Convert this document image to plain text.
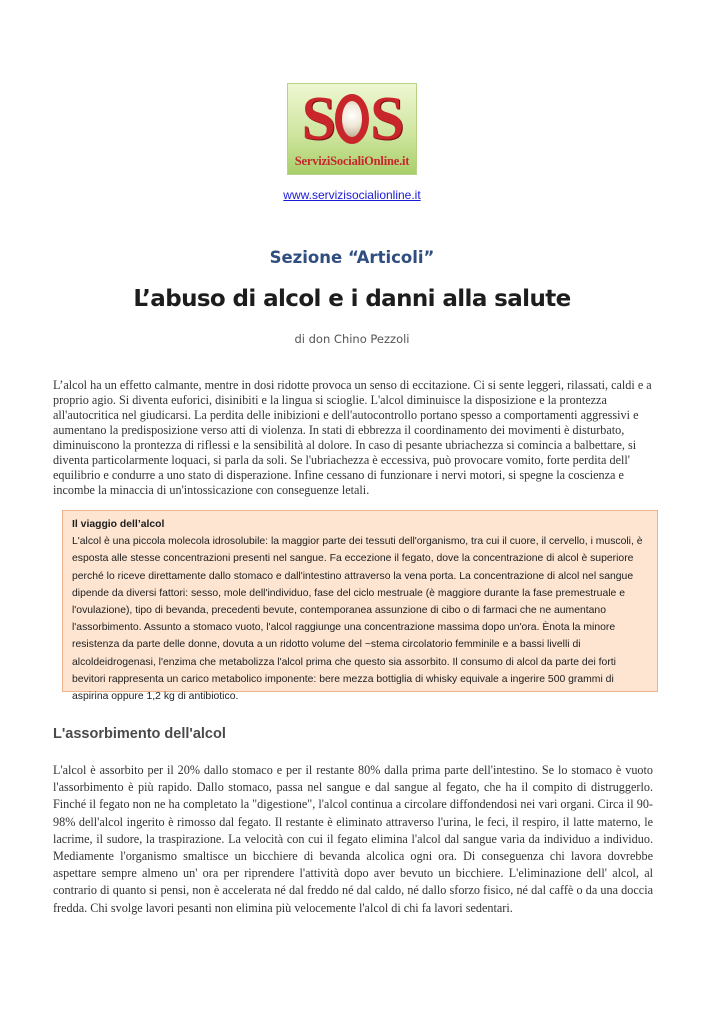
S S
ServiziSocialiOnline.it
www.servizisocialionline.it
Sezione “Articoli”
L’abuso di alcol e i danni alla salute
di don Chino Pezzoli

L’alcol ha un effetto calmante, mentre in dosi ridotte provoca un senso di eccitazione. Ci si sente leggeri, rilassati, caldi e a proprio agio. Si diventa euforici, disinibiti e la lingua si scioglie. L'alcol diminuisce la disposizione e la prontezza all'autocritica nel giudicarsi. La perdita delle inibizioni e dell'autocontrollo portano spesso a comportamenti aggressivi e aumentano la predisposizione verso atti di violenza. In stati di ebbrezza il coordinamento dei movimenti è disturbato, diminuiscono la prontezza di riflessi e la sensibilità al dolore. In caso di pesante ubriachezza si comincia a balbettare, si diventa particolarmente loquaci, si parla da soli. Se l'ubriachezza è eccessiva, può provocare vomito, forte perdita dell' equilibrio e condurre a uno stato di disperazione. Infine cessano di funzionare i nervi motori, si spegne la coscienza e incombe la minaccia di un'intossicazione con conseguenze letali.

Il viaggio dell’alcol

L'alcol è una piccola molecola idrosolubile: la maggior parte dei tessuti dell'organismo, tra cui il cuore, il cervello, i muscoli, è esposta alle stesse concentrazioni presenti nel sangue. Fa eccezione il fegato, dove la concentrazione di alcol è superiore perché lo riceve direttamente dallo stomaco e dall'intestino attraverso la vena porta. La concentrazione di alcol nel sangue dipende da diversi fattori: sesso, mole dell'individuo, fase del ciclo mestruale (è maggiore durante la fase premestruale e l'ovulazione), tipo di bevanda, precedenti bevute, contemporanea assunzione di cibo o di farmaci che ne aumentano l'assorbimento. Assunto a stomaco vuoto, l'alcol raggiunge una concentrazione massima dopo un'ora. Ènota la minore resistenza da parte delle donne, dovuta a un ridotto volume del ~stema circolatorio femminile e a bassi livelli di alcoldeidrogenasi, l'enzima che metabolizza l'alcol prima che questo sia assorbito. Il consumo di alcol da parte dei forti bevitori rappresenta un carico metabolico imponente: bere mezza bottiglia di whisky equivale a ingerire 500 grammi di aspirina oppure 1,2 kg di antibiotico.

L'assorbimento dell'alcol

L'alcol è assorbito per il 20% dallo stomaco e per il restante 80% dalla prima parte dell'intestino. Se lo stomaco è vuoto l'assorbimento è più rapido. Dallo stomaco, passa nel sangue e dal sangue al fegato, che ha il compito di distruggerlo. Finché il fegato non ne ha completato la "digestione", l'alcol continua a circolare diffondendosi nei vari organi. Circa il 90-98% dell'alcol ingerito è rimosso dal fegato. Il restante è eliminato attraverso l'urina, le feci, il respiro, il latte materno, le lacrime, il sudore, la traspirazione. La velocità con cui il fegato elimina l'alcol dal sangue varia da individuo a individuo. Mediamente l'organismo smaltisce un bicchiere di bevanda alcolica ogni ora. Di conseguenza chi lavora dovrebbe aspettare sempre almeno un' ora per riprendere l'attività dopo aver bevuto un bicchiere. L'eliminazione dell' alcol, al contrario di quanto si pensi, non è accelerata né dal freddo né dal caldo, né dallo sforzo fisico, né dal caffè o da una doccia fredda. Chi svolge lavori pesanti non elimina più velocemente l'alcol di chi fa lavori sedentari.
